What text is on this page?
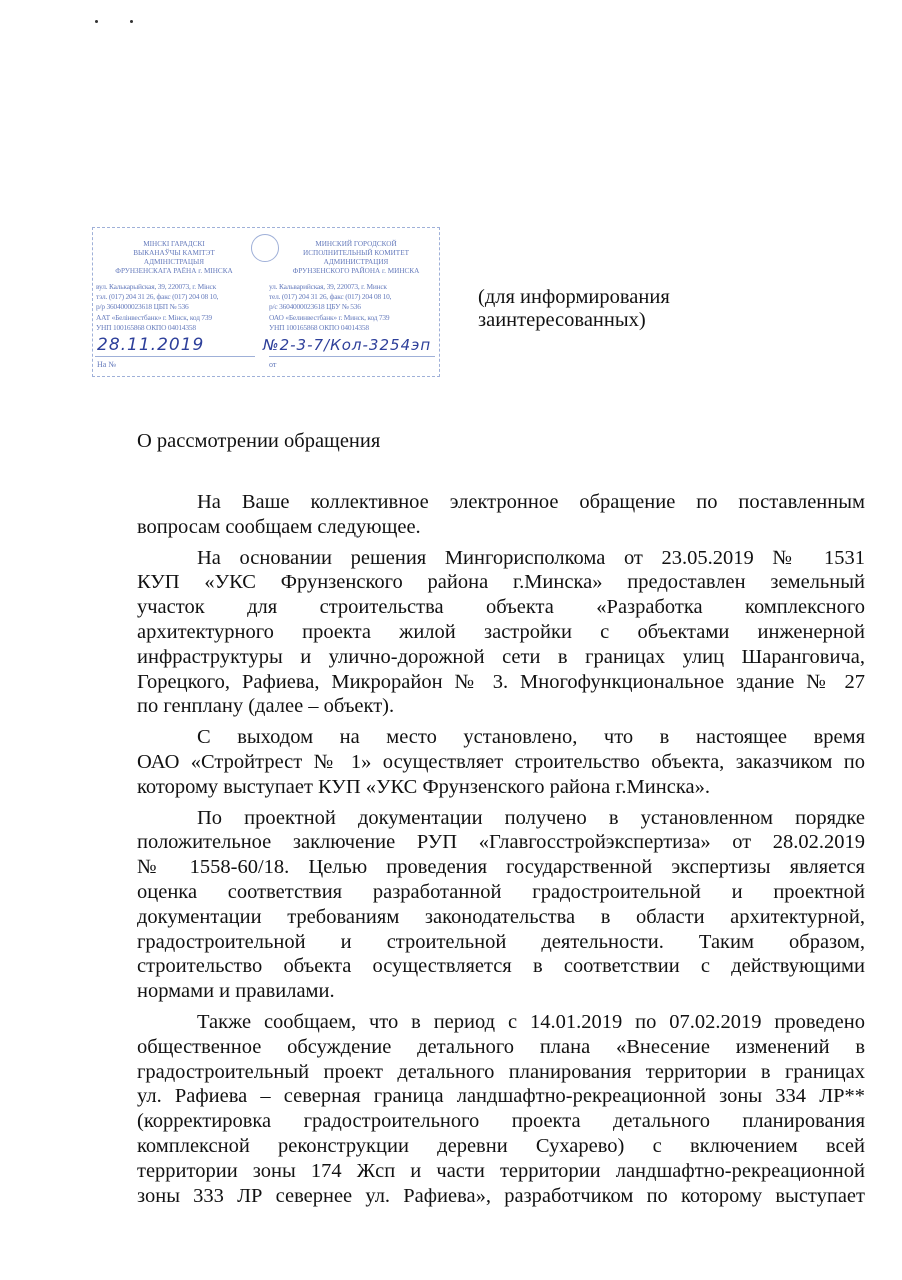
МІНСКІ ГАРАДСКІ
ВЫКАНАЎЧЫ КАМІТЭТ
АДМІНІСТРАЦЫЯ
ФРУНЗЕНСКАГА РАЁНА г. МІНСКА
МИНСКИЙ ГОРОДСКОЙ
ИСПОЛНИТЕЛЬНЫЙ КОМИТЕТ
АДМИНИСТРАЦИЯ
ФРУНЗЕНСКОГО РАЙОНА г. МИНСКА
вул. Калькарыйская, 39, 220073, г. Мінск
тэл. (017) 204 31 26, факс (017) 204 08 10,
р/р 3604000023618 ЦБП № 536
ААТ «Белінвестбанк» г. Мінск, код 739
УНП 100165868 ОКПО 04014358
ул. Кальварийская, 39, 220073, г. Минск
тел. (017) 204 31 26, факс (017) 204 08 10,
р/с 3604000023618 ЦБУ № 536
ОАО «Белинвестбанк» г. Минск, код 739
УНП 100165868 ОКПО 04014358
28.11.2019	№2-3-7/Кол-3254эп
На №	от
(для информирования
заинтересованных)
О рассмотрении обращения
На Ваше коллективное электронное обращение по поставленным
вопросам сообщаем следующее.
На основании решения Мингорисполкома от 23.05.2019 № 1531
КУП «УКС Фрунзенского района г.Минска» предоставлен земельный
участок для строительства объекта «Разработка комплексного
архитектурного проекта жилой застройки с объектами инженерной
инфраструктуры и улично-дорожной сети в границах улиц Шаранговича,
Горецкого, Рафиева, Микрорайон № 3. Многофункциональное здание № 27
по генплану (далее – объект).
С выходом на место установлено, что в настоящее время
ОАО «Стройтрест № 1» осуществляет строительство объекта, заказчиком по
которому выступает КУП «УКС Фрунзенского района г.Минска».
По проектной документации получено в установленном порядке
положительное заключение РУП «Главгосстройэкспертиза» от 28.02.2019
№ 1558-60/18. Целью проведения государственной экспертизы является
оценка соответствия разработанной градостроительной и проектной
документации требованиям законодательства в области архитектурной,
градостроительной и строительной деятельности. Таким образом,
строительство объекта осуществляется в соответствии с действующими
нормами и правилами.
Также сообщаем, что в период с 14.01.2019 по 07.02.2019 проведено
общественное обсуждение детального плана «Внесение изменений в
градостроительный проект детального планирования территории в границах
ул. Рафиева – северная граница ландшафтно-рекреационной зоны 334 ЛР**
(корректировка градостроительного проекта детального планирования
комплексной реконструкции деревни Сухарево) с включением всей
территории зоны 174 Жсп и части территории ландшафтно-рекреационной
зоны 333 ЛР севернее ул. Рафиева», разработчиком по которому выступает
